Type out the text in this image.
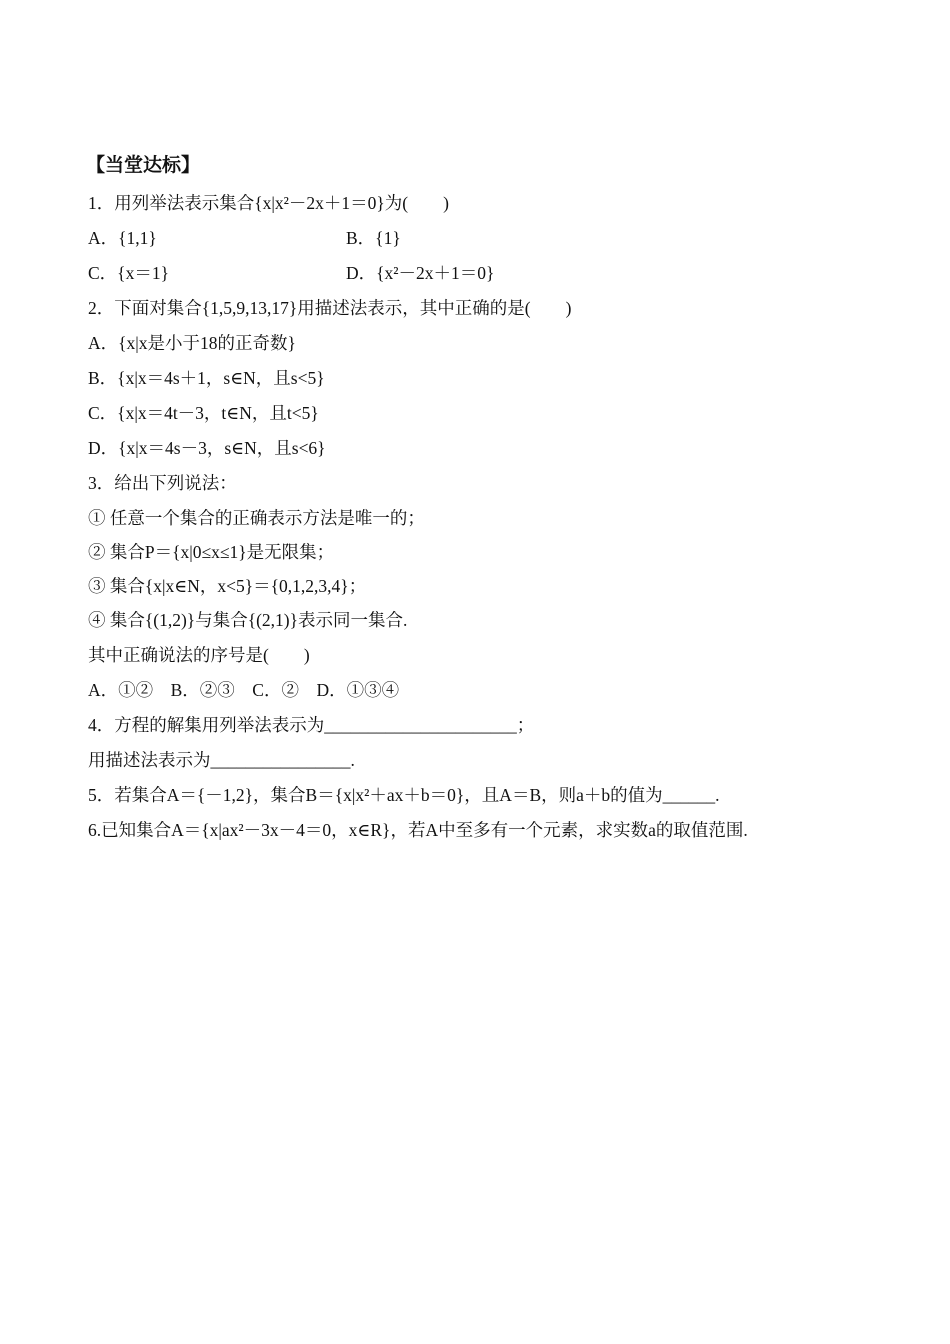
【当堂达标】
1．用列举法表示集合{x|x²－2x＋1＝0}为(　　)
A．{1,1}	B．{1}
C．{x＝1}	D．{x²－2x＋1＝0}
2．下面对集合{1,5,9,13,17}用描述法表示，其中正确的是(　　)
A．{x|x是小于18的正奇数}
B．{x|x＝4s＋1，s∈N，且s<5}
C．{x|x＝4t－3，t∈N，且t<5}
D．{x|x＝4s－3，s∈N，且s<6}
3．给出下列说法：
① 任意一个集合的正确表示方法是唯一的；
② 集合P＝{x|0≤x≤1}是无限集；
③ 集合{x|x∈N，x<5}＝{0,1,2,3,4}；
④ 集合{(1,2)}与集合{(2,1)}表示同一集合.
其中正确说法的序号是(　　)
A．①②　B．②③　C．②　D．①③④
4．方程的解集用列举法表示为______________________；
用描述法表示为________________.
5．若集合A＝{－1,2}，集合B＝{x|x²＋ax＋b＝0}，且A＝B，则a＋b的值为______.
6.已知集合A＝{x|ax²－3x－4＝0，x∈R}，若A中至多有一个元素，求实数a的取值范围.
